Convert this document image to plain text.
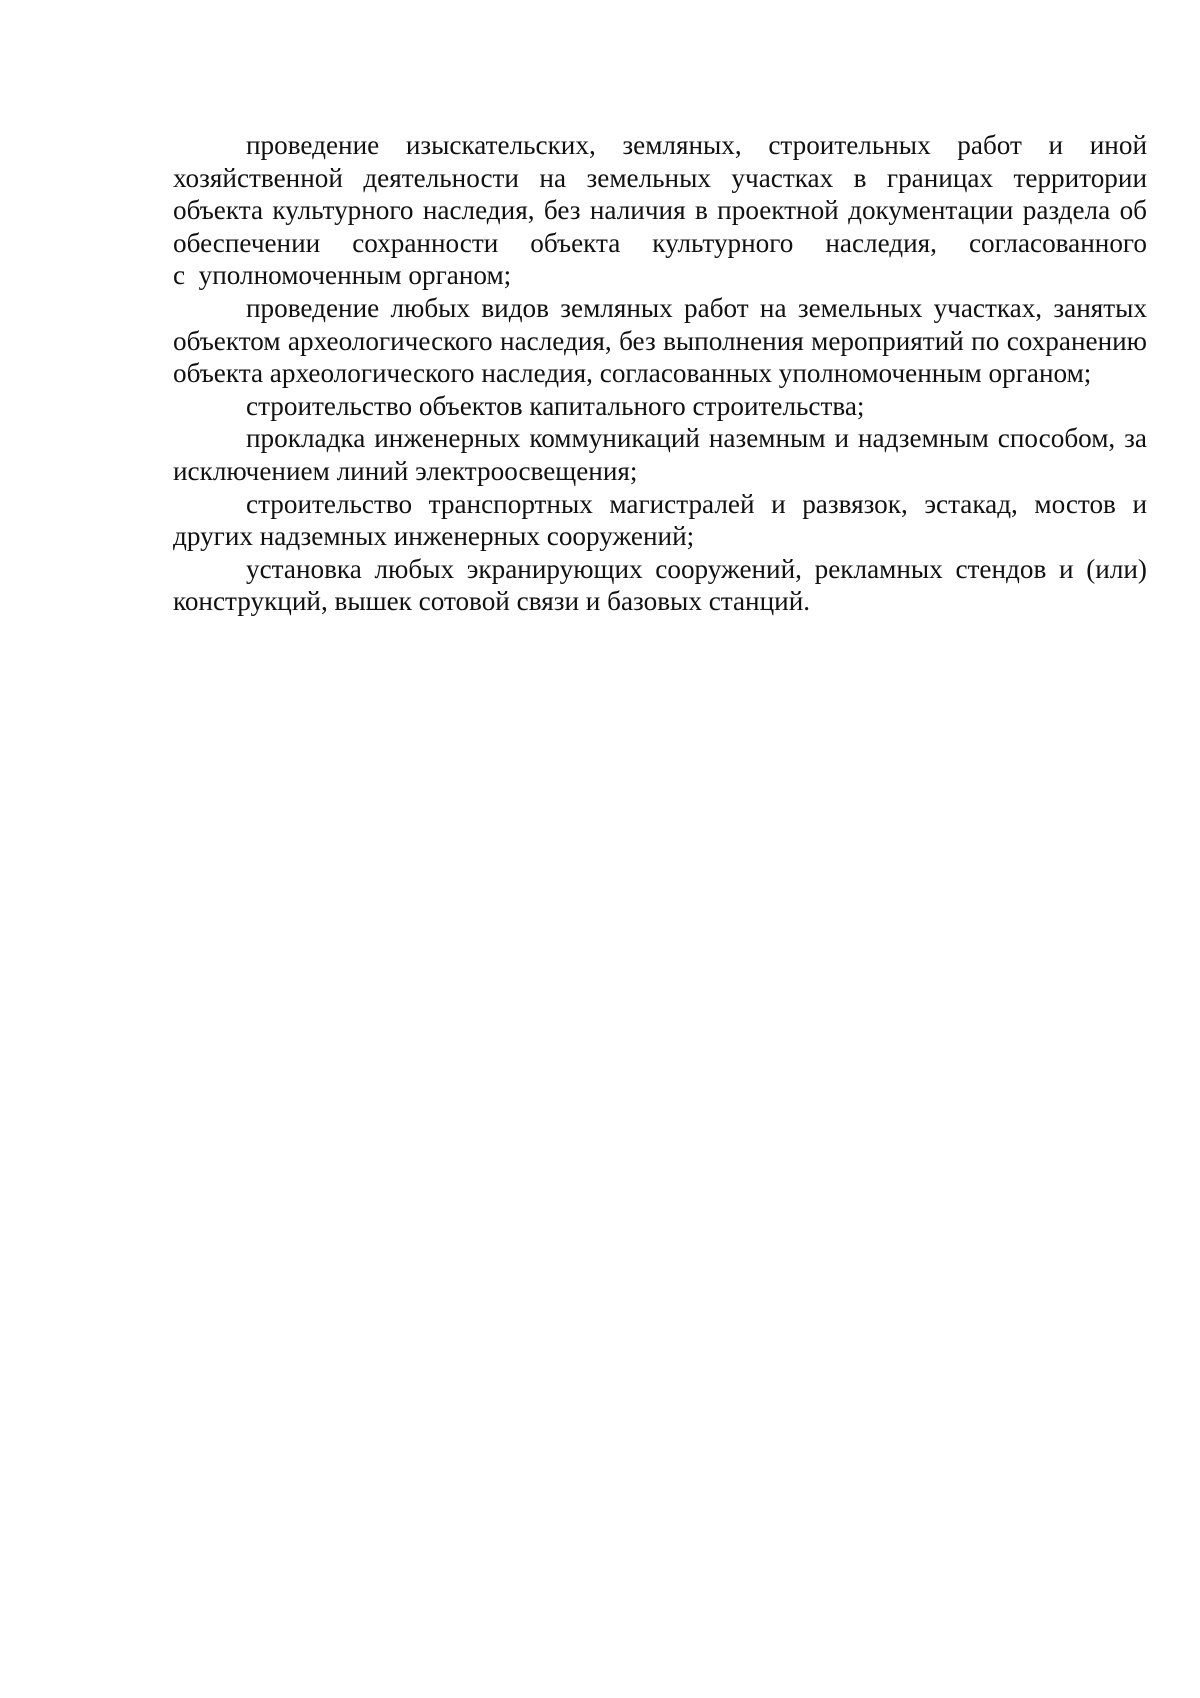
проведение изыскательских, земляных, строительных работ и иной хозяйственной деятельности на земельных участках в границах территории объекта культурного наследия, без наличия в проектной документации раздела об обеспечении сохранности объекта культурного наследия, согласованного с  уполномоченным органом;

проведение любых видов земляных работ на земельных участках, занятых объектом археологического наследия, без выполнения мероприятий по сохранению объекта археологического наследия, согласованных уполномоченным органом;

строительство объектов капитального строительства;

прокладка инженерных коммуникаций наземным и надземным способом, за исключением линий электроосвещения;

строительство транспортных магистралей и развязок, эстакад, мостов и других надземных инженерных сооружений;

установка любых экранирующих сооружений, рекламных стендов и (или) конструкций, вышек сотовой связи и базовых станций.
